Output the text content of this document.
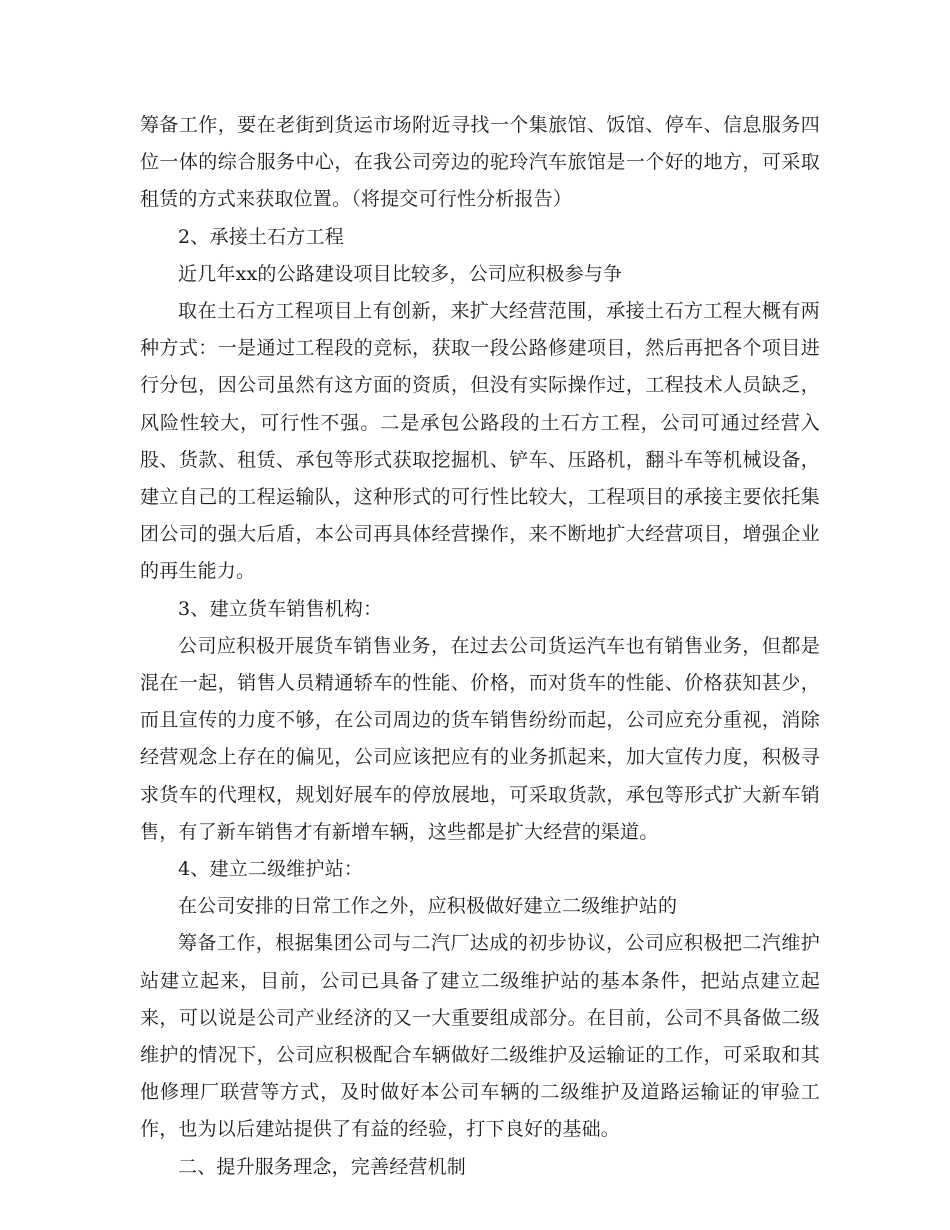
筹备工作，要在老街到货运市场附近寻找一个集旅馆、饭馆、停车、信息服务四位一体的综合服务中心，在我公司旁边的驼玲汽车旅馆是一个好的地方，可采取租赁的方式来获取位置。（将提交可行性分析报告）

2、承接土石方工程

近几年xx的公路建设项目比较多，公司应积极参与争

取在土石方工程项目上有创新，来扩大经营范围，承接土石方工程大概有两种方式：一是通过工程段的竞标，获取一段公路修建项目，然后再把各个项目进行分包，因公司虽然有这方面的资质，但没有实际操作过，工程技术人员缺乏，风险性较大，可行性不强。二是承包公路段的土石方工程，公司可通过经营入股、货款、租赁、承包等形式获取挖掘机、铲车、压路机，翻斗车等机械设备，建立自己的工程运输队，这种形式的可行性比较大，工程项目的承接主要依托集团公司的强大后盾，本公司再具体经营操作，来不断地扩大经营项目，增强企业的再生能力。

3、建立货车销售机构：

公司应积极开展货车销售业务，在过去公司货运汽车也有销售业务，但都是混在一起，销售人员精通轿车的性能、价格，而对货车的性能、价格获知甚少，而且宣传的力度不够，在公司周边的货车销售纷纷而起，公司应充分重视，消除经营观念上存在的偏见，公司应该把应有的业务抓起来，加大宣传力度，积极寻求货车的代理权，规划好展车的停放展地，可采取货款，承包等形式扩大新车销售，有了新车销售才有新增车辆，这些都是扩大经营的渠道。

4、建立二级维护站：

在公司安排的日常工作之外，应积极做好建立二级维护站的

筹备工作，根据集团公司与二汽厂达成的初步协议，公司应积极把二汽维护站建立起来，目前，公司已具备了建立二级维护站的基本条件，把站点建立起来，可以说是公司产业经济的又一大重要组成部分。在目前，公司不具备做二级维护的情况下，公司应积极配合车辆做好二级维护及运输证的工作，可采取和其他修理厂联营等方式，及时做好本公司车辆的二级维护及道路运输证的审验工作，也为以后建站提供了有益的经验，打下良好的基础。

二、提升服务理念，完善经营机制
